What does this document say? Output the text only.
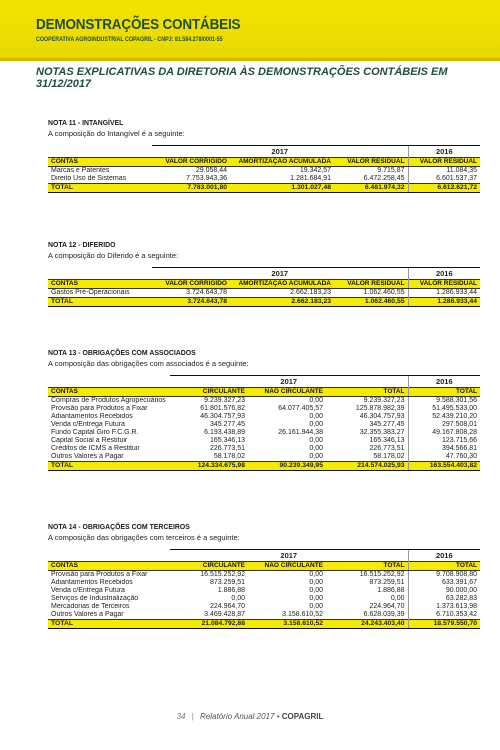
DEMONSTRAÇÕES CONTÁBEIS
COOPERATIVA AGROINDUSTRIAL COPAGRIL - CNPJ: 81.584.278/0001-55
NOTAS EXPLICATIVAS DA DIRETORIA ÀS DEMONSTRAÇÕES CONTÁBEIS EM 31/12/2017
NOTA 11 - INTANGÍVEL
A composição do Intangível é a seguinte:
	2017			2016
CONTAS	VALOR CORRIGIDO	AMORTIZAÇÃO ACUMULADA	VALOR RESIDUAL	VALOR RESIDUAL
Marcas e Patentes	29.058,44	19.342,57	9.715,87	11.084,35
Direito Uso de Sistemas	7.753.943,36	1.281.684,91	6.472.258,45	6.601.537,37
TOTAL	7.783.001,80	1.301.027,48	6.481.974,32	6.612.621,72
NOTA 12 - DIFERIDO
A composição do Diferido é a seguinte:
	2017			2016
CONTAS	VALOR CORRIGIDO	AMORTIZAÇÃO ACUMULADA	VALOR RESIDUAL	VALOR RESIDUAL
Gastos Pré-Operacionais	3.724.643,78	2.662.183,23	1.062.460,55	1.286.933,44
TOTAL	3.724.643,78	2.662.183,23	1.062.460,55	1.286.933,44
NOTA 13 - OBRIGAÇÕES COM ASSOCIADOS
A composição das obrigações com associados é a seguinte:
	2017			2016
CONTAS	CIRCULANTE	NÃO CIRCULANTE	TOTAL	TOTAL
Compras de Produtos Agropecuários	9.239.327,23	0,00	9.239.327,23	9.588.301,56
Provisão para Produtos a Fixar	61.801.576,82	64.077.405,57	125.878.982,39	51.495.533,00
Adiantamentos Recebidos	46.304.757,93	0,00	46.304.757,93	52.439.210,20
Venda c/Entrega Futura	345.277,45	0,00	345.277,45	297.508,01
Fundo Capital Giro F.C.G.R.	6.193.438,89	26.161.944,38	32.355.383,27	49.167.808,28
Capital Social a Restituir	165.346,13	0,00	165.346,13	123.715,66
Créditos de ICMS a Restituir	226.773,51	0,00	226.773,51	394.566,81
Outros Valores a Pagar	58.178,02	0,00	58.178,02	47.760,30
TOTAL	124.334.675,98	90.239.349,95	214.574.025,93	163.554.403,82
NOTA 14 - OBRIGAÇÕES COM TERCEIROS
A composição das obrigações com terceiros é a seguinte:
	2017			2016
CONTAS	CIRCULANTE	NÃO CIRCULANTE	TOTAL	TOTAL
Provisão para Produtos a Fixar	16.515.252,92	0,00	16.515.252,92	9.708.908,80
Adiantamentos Recebidos	873.259,51	0,00	873.259,51	633.391,67
Venda c/Entrega Futura	1.886,88	0,00	1.886,88	90.000,00
Serviços de Industrialização	0,00	0,00	0,00	63.282,83
Mercadorias de Terceiros	224.964,70	0,00	224.964,70	1.373.613,98
Outros Valores a Pagar	3.469.428,87	3.158.610,52	6.628.039,39	6.710.353,42
TOTAL	21.084.792,88	3.158.610,52	24.243.403,40	18.579.550,70
34 | Relatório Anual 2017 • COPAGRIL
